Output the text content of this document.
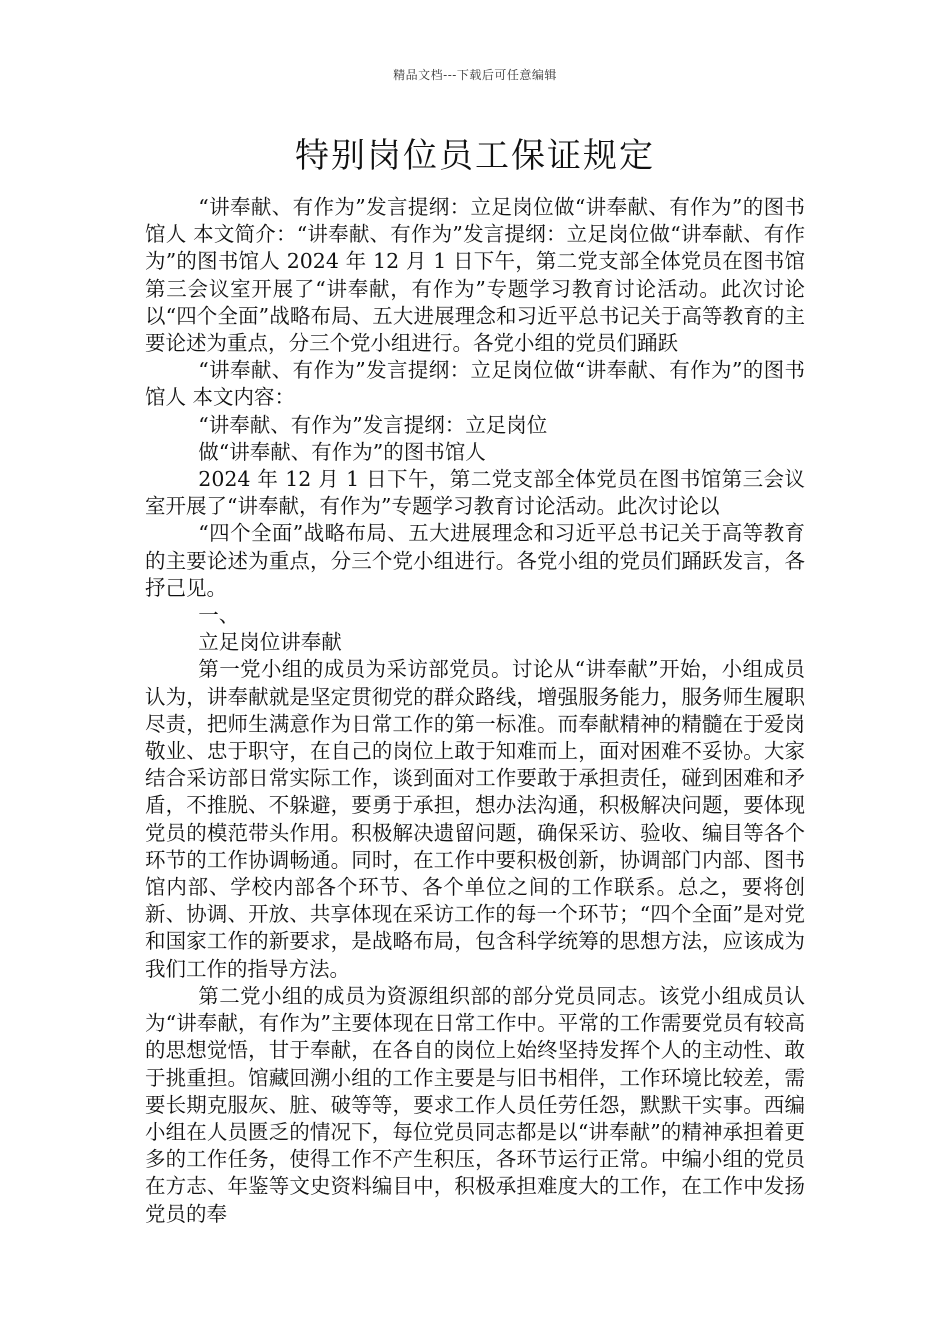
精品文档---下载后可任意编辑
特别岗位员工保证规定

“讲奉献、有作为”发言提纲：立足岗位做“讲奉献、有作为”的图书馆人 本文简介：“讲奉献、有作为”发言提纲：立足岗位做“讲奉献、有作为”的图书馆人 2024 年 12 月 1 日下午，第二党支部全体党员在图书馆第三会议室开展了“讲奉献，有作为”专题学习教育讨论活动。此次讨论以“四个全面”战略布局、五大进展理念和习近平总书记关于高等教育的主要论述为重点，分三个党小组进行。各党小组的党员们踊跃

“讲奉献、有作为”发言提纲：立足岗位做“讲奉献、有作为”的图书馆人 本文内容：

“讲奉献、有作为”发言提纲：立足岗位

做“讲奉献、有作为”的图书馆人

2024 年 12 月 1 日下午，第二党支部全体党员在图书馆第三会议室开展了“讲奉献，有作为”专题学习教育讨论活动。此次讨论以

“四个全面”战略布局、五大进展理念和习近平总书记关于高等教育的主要论述为重点，分三个党小组进行。各党小组的党员们踊跃发言，各抒己见。

一、

立足岗位讲奉献

第一党小组的成员为采访部党员。讨论从“讲奉献”开始，小组成员认为，讲奉献就是坚定贯彻党的群众路线，增强服务能力，服务师生履职尽责，把师生满意作为日常工作的第一标准。而奉献精神的精髓在于爱岗敬业、忠于职守，在自己的岗位上敢于知难而上，面对困难不妥协。大家结合采访部日常实际工作，谈到面对工作要敢于承担责任，碰到困难和矛盾，不推脱、不躲避，要勇于承担，想办法沟通，积极解决问题，要体现党员的模范带头作用。积极解决遗留问题，确保采访、验收、编目等各个环节的工作协调畅通。同时，在工作中要积极创新，协调部门内部、图书馆内部、学校内部各个环节、各个单位之间的工作联系。总之，要将创新、协调、开放、共享体现在采访工作的每一个环节；“四个全面”是对党和国家工作的新要求，是战略布局，包含科学统筹的思想方法，应该成为我们工作的指导方法。

第二党小组的成员为资源组织部的部分党员同志。该党小组成员认为“讲奉献，有作为”主要体现在日常工作中。平常的工作需要党员有较高的思想觉悟，甘于奉献，在各自的岗位上始终坚持发挥个人的主动性、敢于挑重担。馆藏回溯小组的工作主要是与旧书相伴，工作环境比较差，需要长期克服灰、脏、破等等，要求工作人员任劳任怨，默默干实事。西编小组在人员匮乏的情况下，每位党员同志都是以“讲奉献”的精神承担着更多的工作任务，使得工作不产生积压，各环节运行正常。中编小组的党员在方志、年鉴等文史资料编目中，积极承担难度大的工作，在工作中发扬党员的奉
